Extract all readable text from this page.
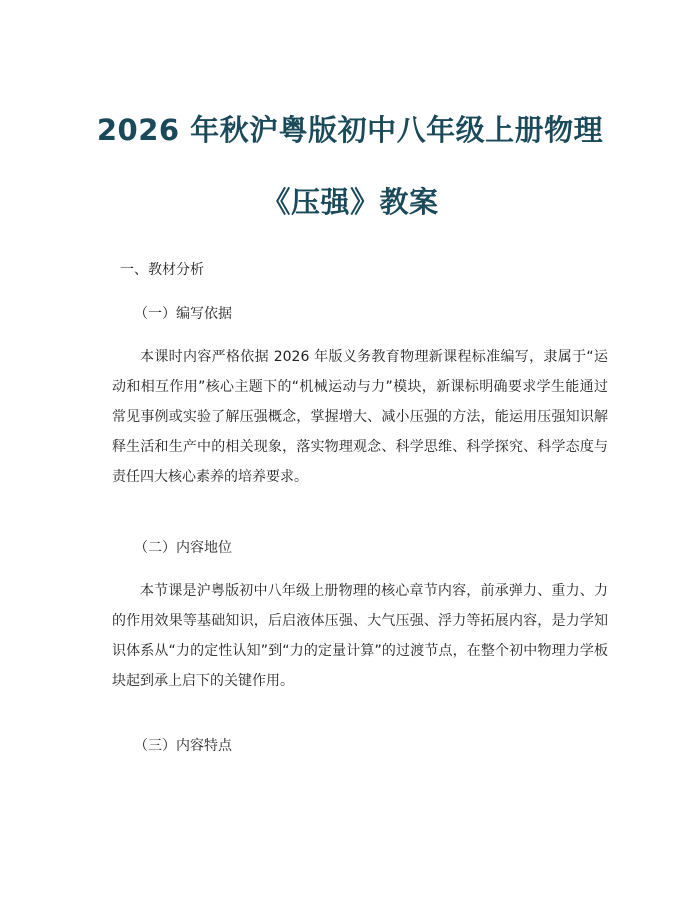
2026 年秋沪粤版初中八年级上册物理
《压强》教案

一、教材分析

（一）编写依据

本课时内容严格依据 2026 年版义务教育物理新课程标准编写，隶属于“运动和相互作用”核心主题下的“机械运动与力”模块，新课标明确要求学生能通过常见事例或实验了解压强概念，掌握增大、减小压强的方法，能运用压强知识解释生活和生产中的相关现象，落实物理观念、科学思维、科学探究、科学态度与责任四大核心素养的培养要求。

（二）内容地位

本节课是沪粤版初中八年级上册物理的核心章节内容，前承弹力、重力、力的作用效果等基础知识，后启液体压强、大气压强、浮力等拓展内容，是力学知识体系从“力的定性认知”到“力的定量计算”的过渡节点，在整个初中物理力学板块起到承上启下的关键作用。

（三）内容特点
